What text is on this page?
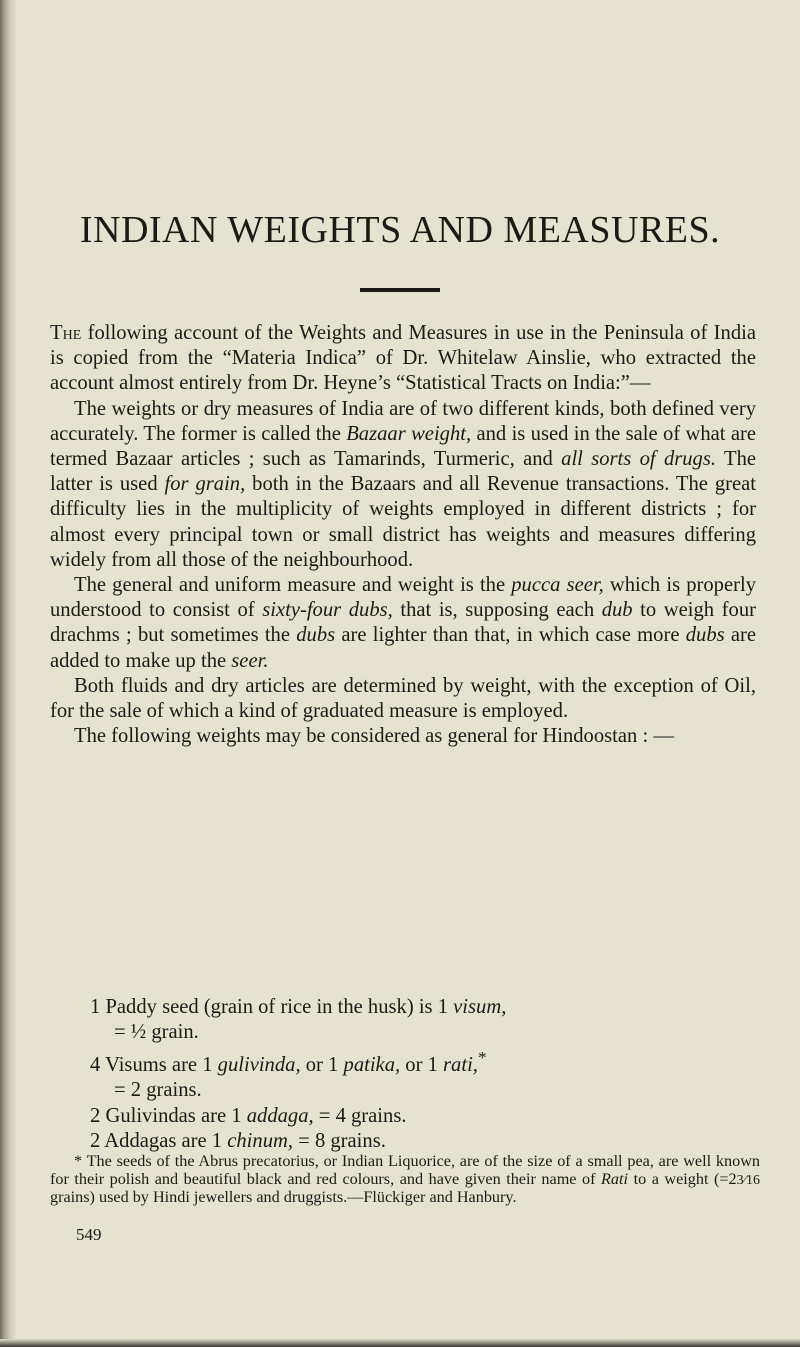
INDIAN WEIGHTS AND MEASURES.

The following account of the Weights and Measures in use in the Peninsula of India is copied from the “Materia Indica” of Dr. Whitelaw Ainslie, who extracted the account almost entirely from Dr. Heyne’s “Statistical Tracts on India:”—

The weights or dry measures of India are of two different kinds, both defined very accurately. The former is called the Bazaar weight, and is used in the sale of what are termed Bazaar articles ; such as Tamarinds, Turmeric, and all sorts of drugs. The latter is used for grain, both in the Bazaars and all Revenue transactions. The great difficulty lies in the multiplicity of weights employed in different districts ; for almost every principal town or small district has weights and measures differing widely from all those of the neighbourhood.

The general and uniform measure and weight is the pucca seer, which is properly understood to consist of sixty-four dubs, that is, supposing each dub to weigh four drachms ; but sometimes the dubs are lighter than that, in which case more dubs are added to make up the seer.

Both fluids and dry articles are determined by weight, with the exception of Oil, for the sale of which a kind of graduated measure is employed.

The following weights may be considered as general for Hindoostan : —

1 Paddy seed (grain of rice in the husk) is 1 visum,
= ½ grain.
4 Visums are 1 gulivinda, or 1 patika, or 1 rati,*
= 2 grains.
2 Gulivindas are 1 addaga, = 4 grains.
2 Addagas are 1 chinum, = 8 grains.

* The seeds of the Abrus precatorius, or Indian Liquorice, are of the size of a small pea, are well known for their polish and beautiful black and red colours, and have given their name of Rati to a weight (=23⁄16 grains) used by Hindi jewellers and druggists.—Flückiger and Hanbury.

549
